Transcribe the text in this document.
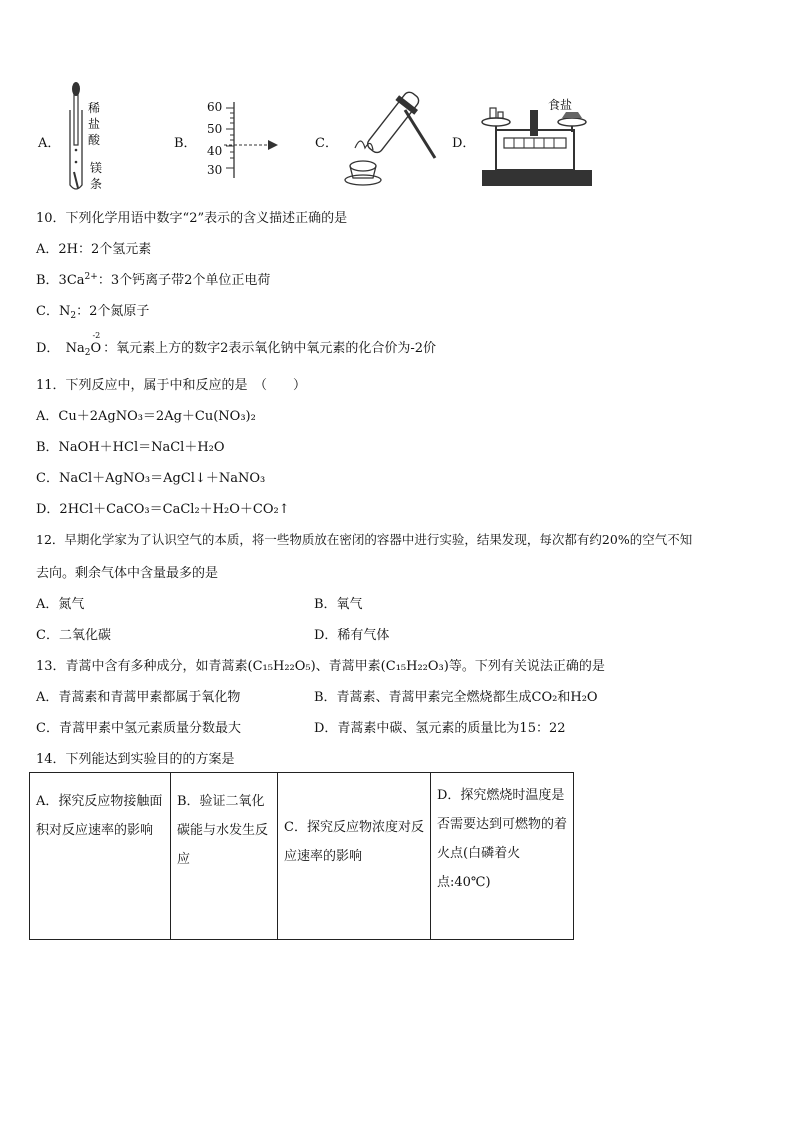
A．
稀
盐
酸
镁
条
B．
60
50
40
30
C．	D．
食盐
10．下列化学用语中数字“2”表示的含义描述正确的是
A．2H：2个氢元素
B．$3Ca^{2+}$：3个钙离子带2个单位正电荷
C．$N_2$：2个氮原子
D． $Na_2O$
-2
：氧元素上方的数字2表示氧化钠中氧元素的化合价为-2价
11．下列反应中，属于中和反应的是　（　　）
A．Cu＋2AgNO₃＝2Ag＋Cu(NO₃)₂
B．NaOH＋HCl＝NaCl＋H₂O
C．NaCl＋AgNO₃＝AgCl↓＋NaNO₃
D．2HCl＋CaCO₃＝CaCl₂＋H₂O＋CO₂↑
12．早期化学家为了认识空气的本质，将一些物质放在密闭的容器中进行实验，结果发现，每次都有约20%的空气不知
去向。剩余气体中含量最多的是
A．氮气	B．氧气
C．二氧化碳	D．稀有气体
13．青蒿中含有多种成分，如青蒿素(C₁₅H₂₂O₅)、青蒿甲素(C₁₅H₂₂O₃)等。下列有关说法正确的是
A．青蒿素和青蒿甲素都属于氧化物	B．青蒿素、青蒿甲素完全燃烧都生成CO₂和H₂O
C．青蒿甲素中氢元素质量分数最大	D．青蒿素中碳、氢元素的质量比为15：22
14．下列能达到实验目的的方案是
A．探究反应物接触面积对反应速率的影响	B．验证二氧化碳能与水发生反应	C．探究反应物浓度对反应速率的影响	D．探究燃烧时温度是否需要达到可燃物的着火点(白磷着火点:40℃)
